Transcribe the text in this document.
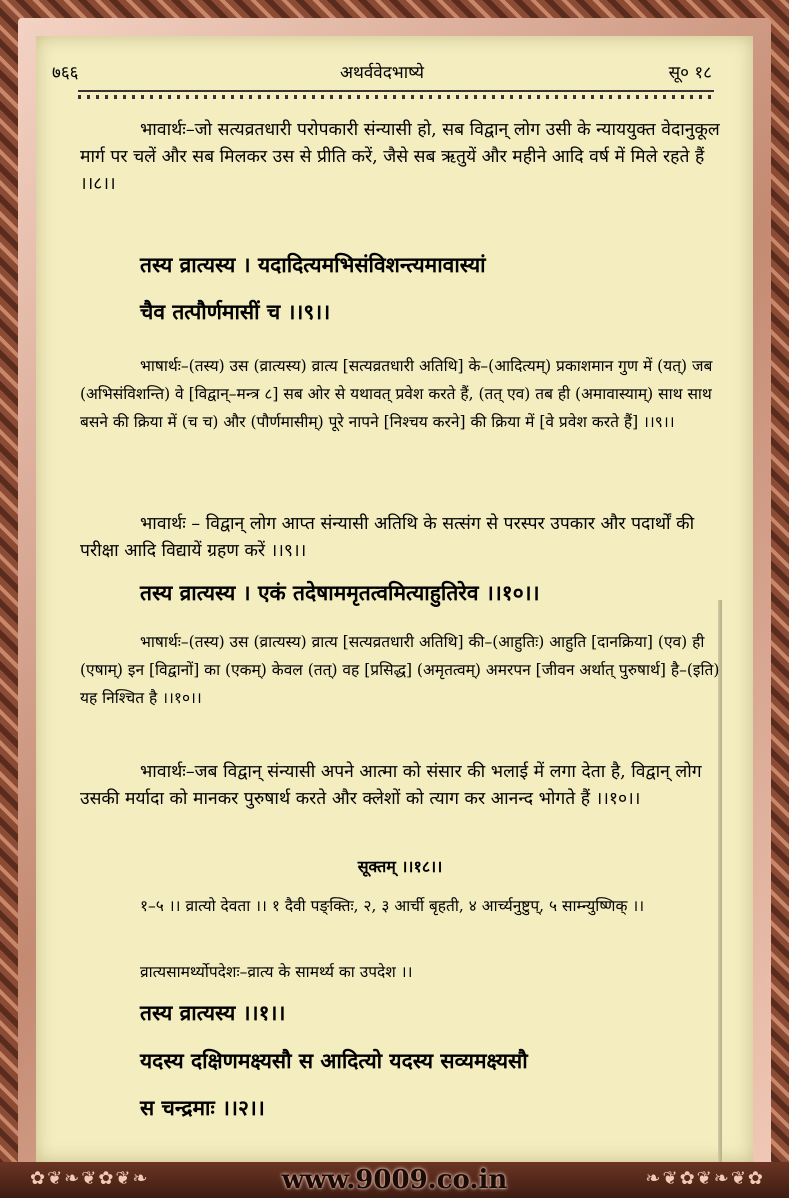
अथर्ववेदभाष्ये
७६६	सू० १८

भावार्थः–जो सत्यव्रतधारी परोपकारी संन्यासी हो, सब विद्वान् लोग उसी के न्याययुक्त वेदानुकूल मार्ग पर चलें और सब मिलकर उस से प्रीति करें, जैसे सब ऋतुयें और महीने आदि वर्ष में मिले रहते हैं ।।८।।

तस्य व्रात्यस्य । यदादित्यमभिसंविशन्त्यमावास्यां

चैव तत्पौर्णमासीं च ।।९।।

भाषार्थः–(तस्य) उस (व्रात्यस्य) व्रात्य [सत्यव्रतधारी अतिथि] के–(आदित्यम्) प्रकाशमान गुण में (यत्) जब (अभिसंविशन्ति) वे [विद्वान्–मन्त्र ८] सब ओर से यथावत् प्रवेश करते हैं, (तत् एव) तब ही (अमावास्याम्) साथ साथ बसने की क्रिया में (च च) और (पौर्णमासीम्) पूरे नापने [निश्चय करने] की क्रिया में [वे प्रवेश करते हैं] ।।९।।

भावार्थः – विद्वान् लोग आप्त संन्यासी अतिथि के सत्संग से परस्पर उपकार और पदार्थों की परीक्षा आदि विद्यायें ग्रहण करें ।।९।।

तस्य व्रात्यस्य । एकं तदेषाममृतत्वमित्याहुतिरेव ।।१०।।

भाषार्थः–(तस्य) उस (व्रात्यस्य) व्रात्य [सत्यव्रतधारी अतिथि] की–(आहुतिः) आहुति [दानक्रिया] (एव) ही (एषाम्) इन [विद्वानों] का (एकम्) केवल (तत्) वह [प्रसिद्ध] (अमृतत्वम्) अमरपन [जीवन अर्थात् पुरुषार्थ] है–(इति) यह निश्चित है ।।१०।।

भावार्थः–जब विद्वान् संन्यासी अपने आत्मा को संसार की भलाई में लगा देता है, विद्वान् लोग उसकी मर्यादा को मानकर पुरुषार्थ करते और क्लेशों को त्याग कर आनन्द भोगते हैं ।।१०।।

सूक्तम् ।।१८।।

१–५ ।। व्रात्यो देवता ।। १ दैवी पङ्क्तिः, २, ३ आर्ची बृहती, ४ आर्च्यनुष्टुप्, ५ साम्न्युष्णिक् ।।

व्रात्यसामर्थ्योपदेशः–व्रात्य के सामर्थ्य का उपदेश ।।

तस्य व्रात्यस्य ।।१।।

यदस्य दक्षिणमक्ष्यसौ स आदित्यो यदस्य सव्यमक्ष्यसौ

स चन्द्रमाः ।।२।।

✿❦❧❦✿❦❧	❧❦✿❦❧❦✿
www.9009.co.in
